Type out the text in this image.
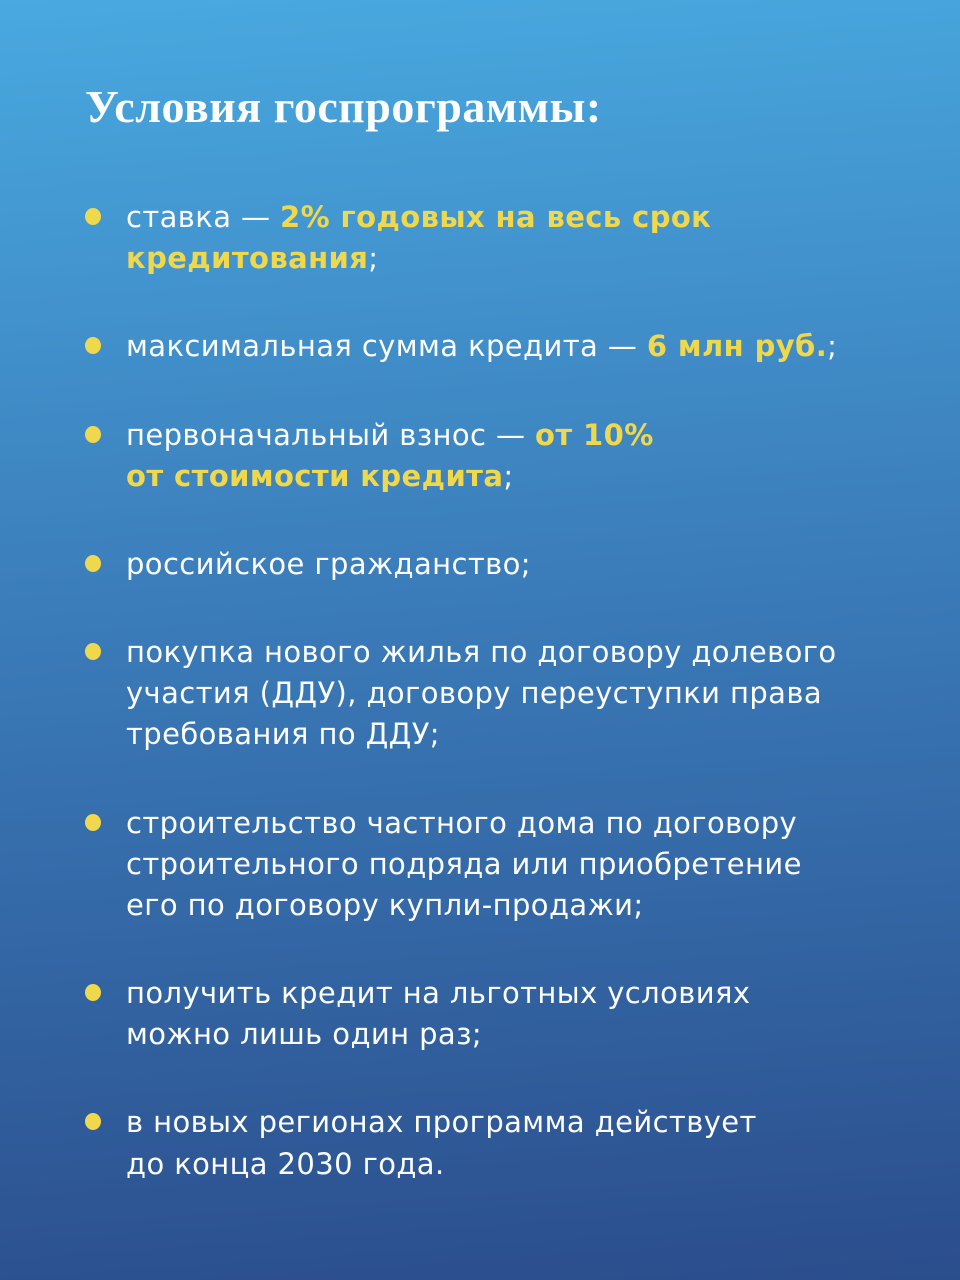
Условия госпрограммы:

ставка — 2% годовых на весь срок
кредитования;

максимальная сумма кредита — 6 млн руб.;

первоначальный взнос — от 10%
от стоимости кредита;

российское гражданство;

покупка нового жилья по договору долевого
участия (ДДУ), договору переуступки права
требования по ДДУ;

строительство частного дома по договору
строительного подряда или приобретение
его по договору купли-продажи;

получить кредит на льготных условиях
можно лишь один раз;

в новых регионах программа действует
до конца 2030 года.
